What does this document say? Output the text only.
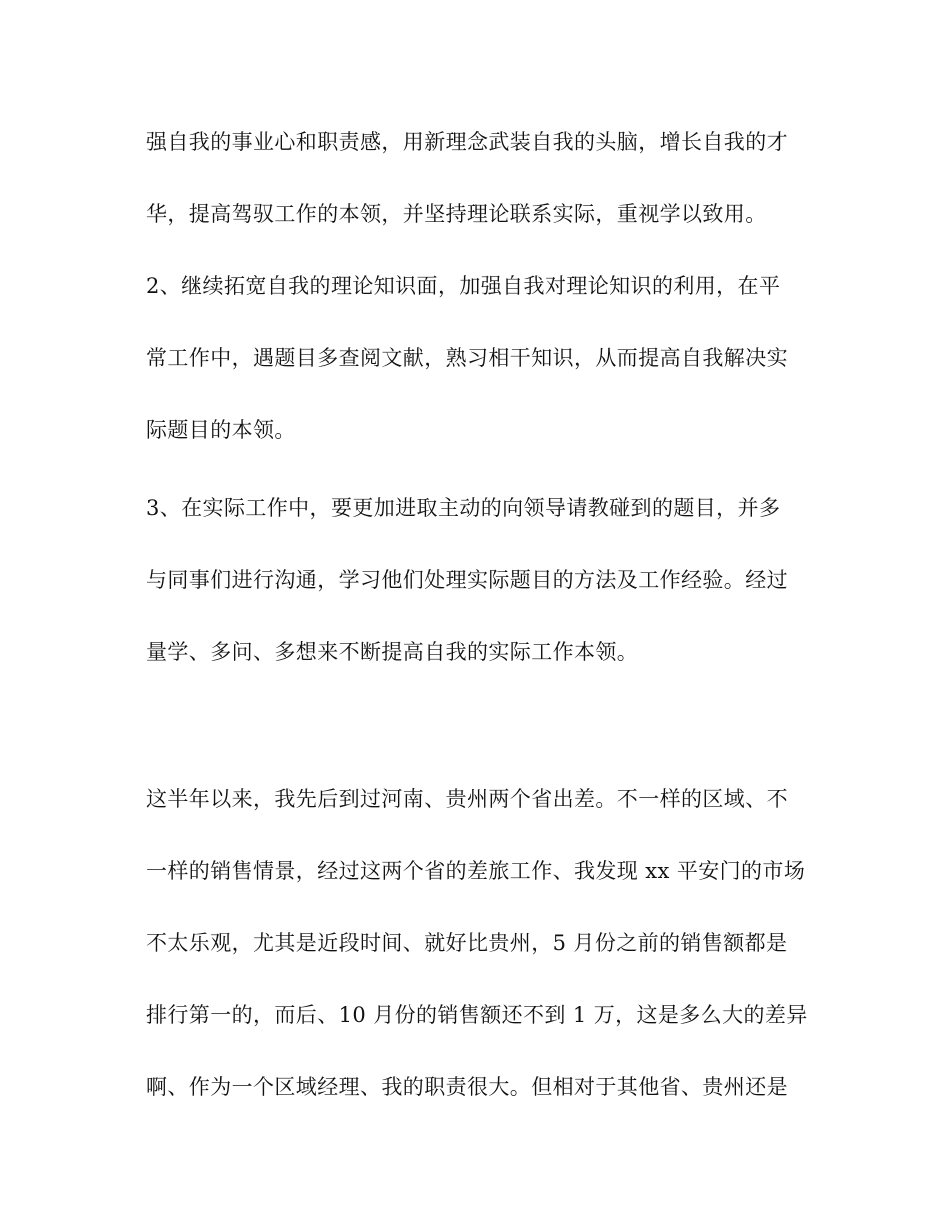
强自我的事业心和职责感，用新理念武装自我的头脑，增长自我的才
华，提高驾驭工作的本领，并坚持理论联系实际，重视学以致用。
2、继续拓宽自我的理论知识面，加强自我对理论知识的利用，在平
常工作中，遇题目多查阅文献，熟习相干知识，从而提高自我解决实
际题目的本领。
3、在实际工作中，要更加进取主动的向领导请教碰到的题目，并多
与同事们进行沟通，学习他们处理实际题目的方法及工作经验。经过
量学、多问、多想来不断提高自我的实际工作本领。
这半年以来，我先后到过河南、贵州两个省出差。不一样的区域、不
一样的销售情景，经过这两个省的差旅工作、我发现 xx 平安门的市场
不太乐观，尤其是近段时间、就好比贵州，5 月份之前的销售额都是
排行第一的，而后、10 月份的销售额还不到 1 万，这是多么大的差异
啊、作为一个区域经理、我的职责很大。但相对于其他省、贵州还是
